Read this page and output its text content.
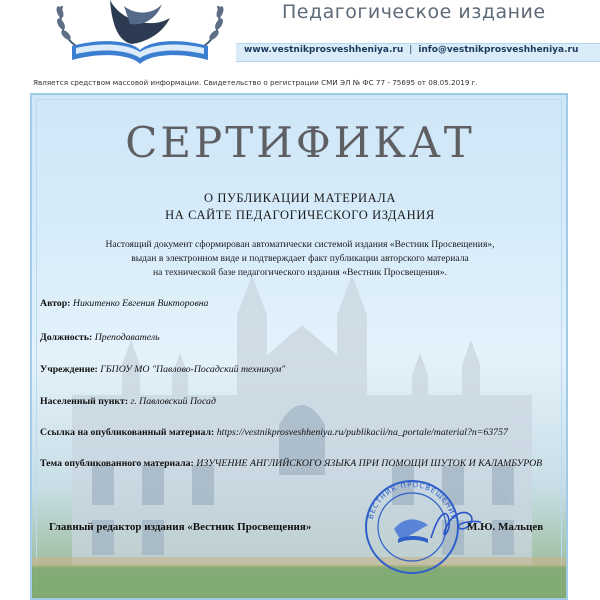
Педагогическое издание
www.vestnikprosveshheniya.ru | info@vestnikprosveshheniya.ru
Является средством массовой информации. Свидетельство о регистрации СМИ ЭЛ № ФС 77 - 75695 от 08.05.2019 г.
СЕРТИФИКАТ
О ПУБЛИКАЦИИ МАТЕРИАЛА
НА САЙТЕ ПЕДАГОГИЧЕСКОГО ИЗДАНИЯ
Настоящий документ сформирован автоматически системой издания «Вестник Просвещения»,
выдан в электронном виде и подтверждает факт публикации авторского материала
на технической базе педагогического издания «Вестник Просвещения».
Автор: Никитенко Евгения Викторовна
Должность: Преподаватель
Учреждение: ГБПОУ МО "Павлово-Посадский техникум"
Населенный пункт: г. Павловский Посад
Ссылка на опубликованный материал: https://vestnikprosveshheniya.ru/publikacii/na_portale/material?n=63757
Тема опубликованного материала: ИЗУЧЕНИЕ АНГЛИЙСКОГО ЯЗЫКА ПРИ ПОМОЩИ ШУТОК И КАЛАМБУРОВ
ВЕСТНИК ПРОСВЕЩЕНИЯ
Главный редактор издания «Вестник Просвещения»	М.Ю. Мальцев
